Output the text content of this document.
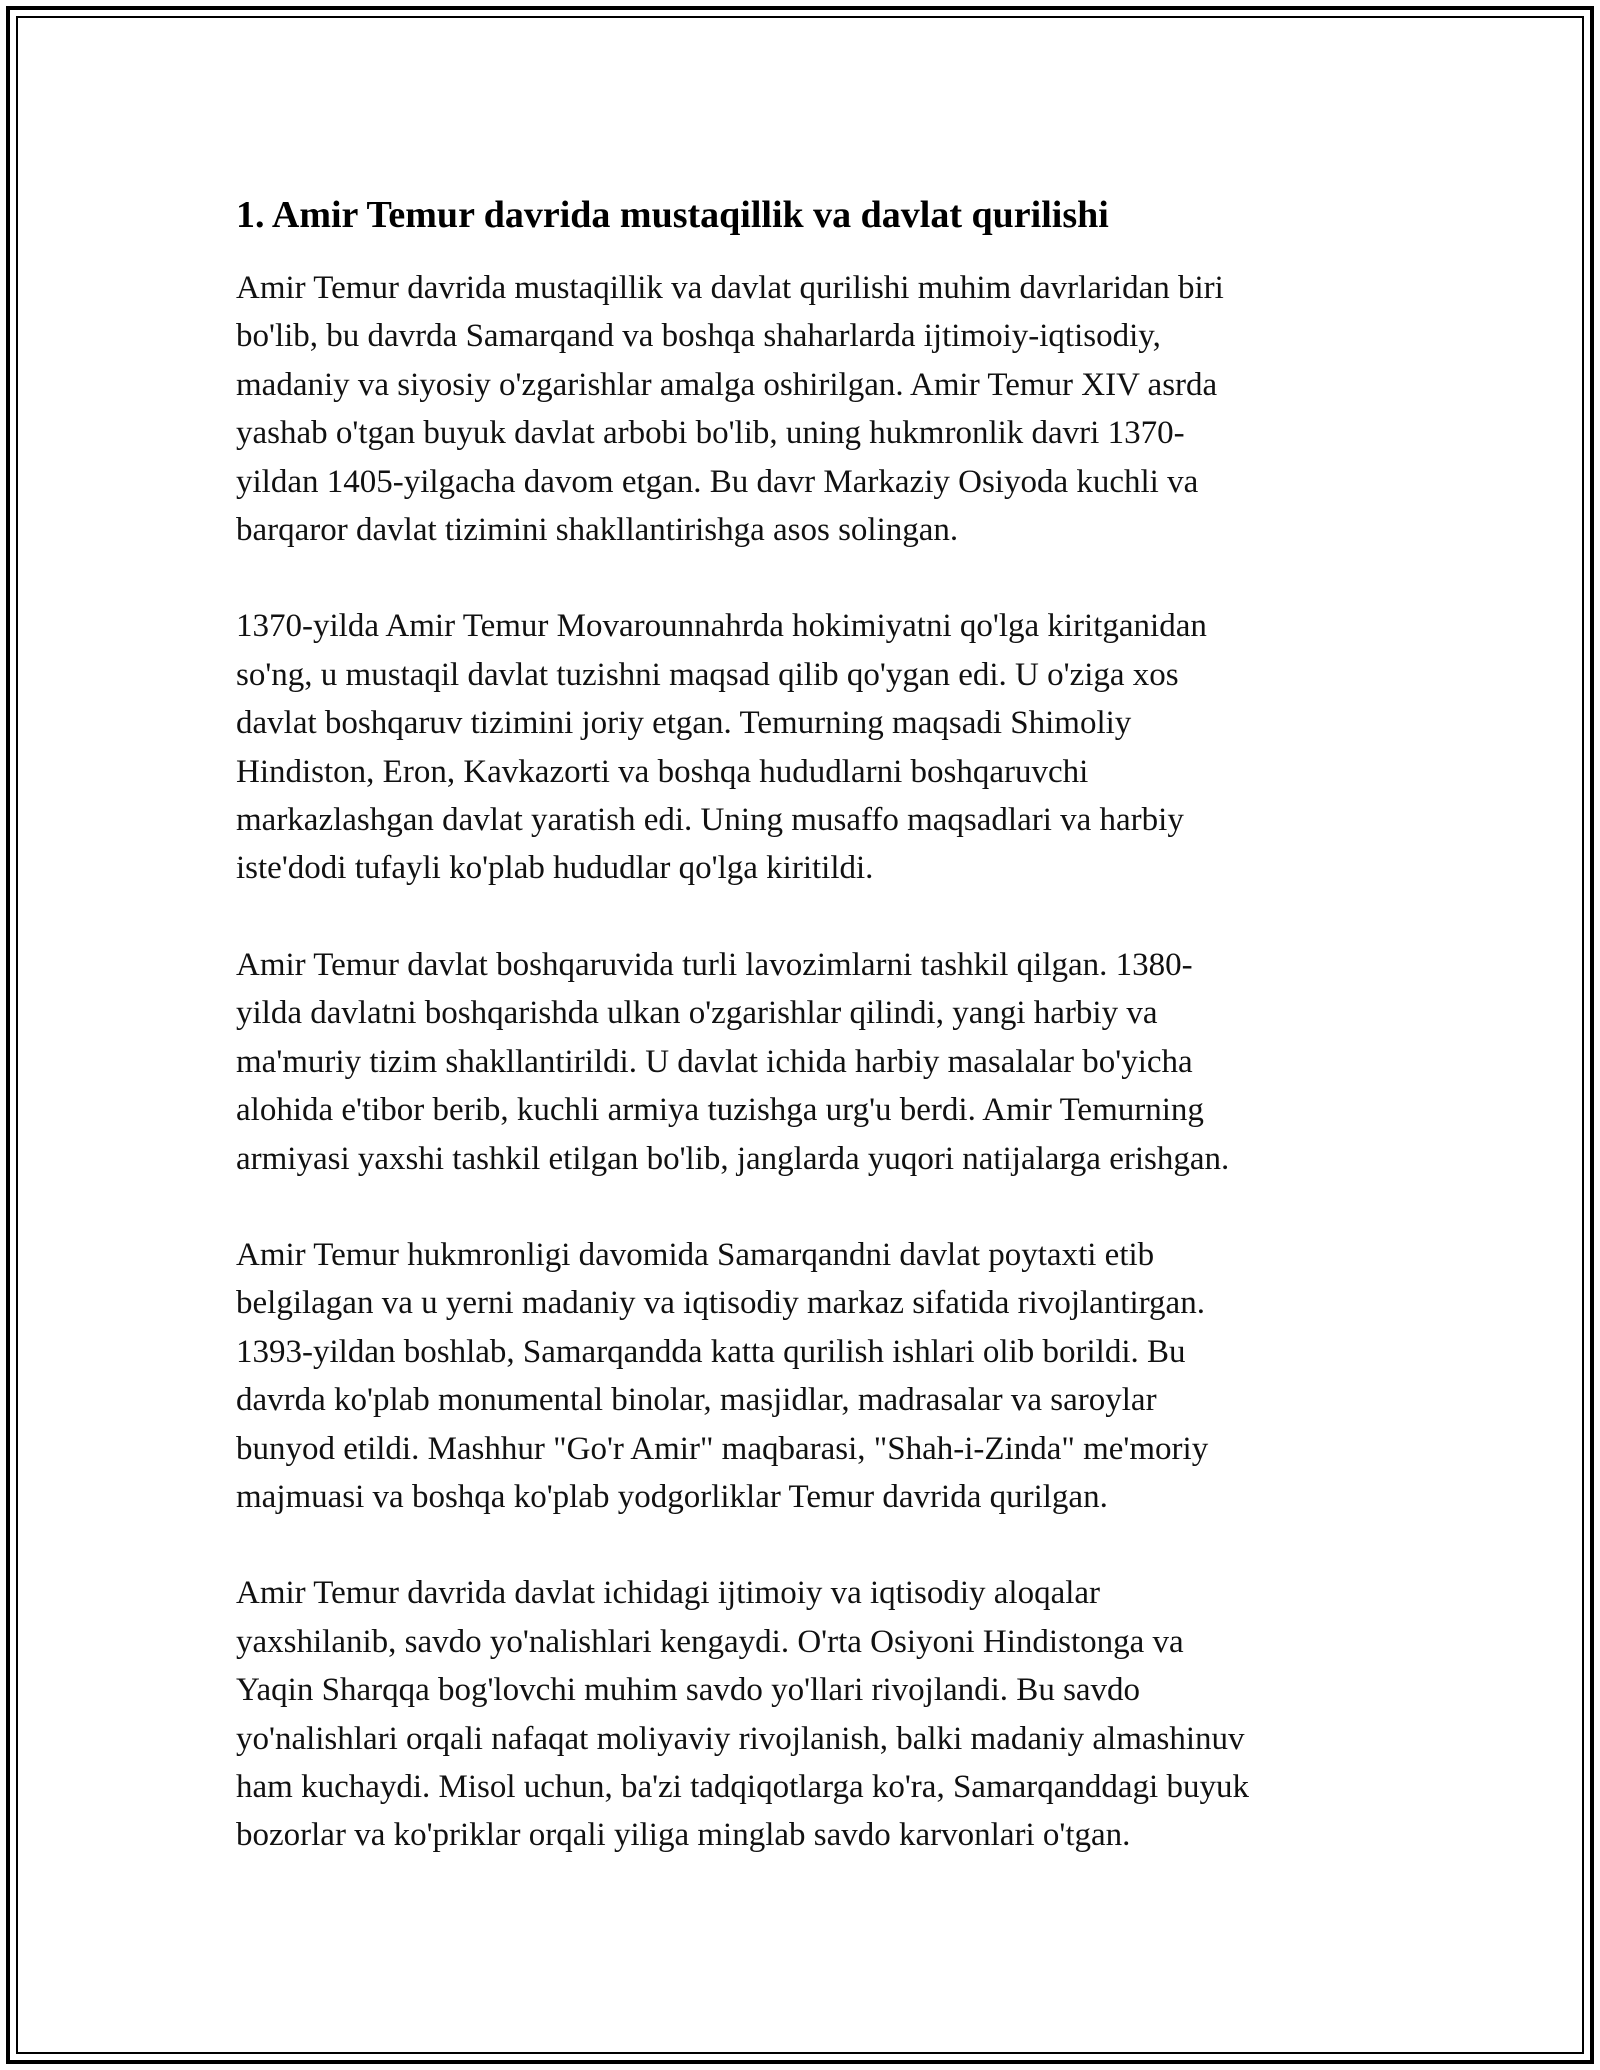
1. Amir Temur davrida mustaqillik va davlat qurilishi

Amir Temur davrida mustaqillik va davlat qurilishi muhim davrlaridan biri
bo'lib, bu davrda Samarqand va boshqa shaharlarda ijtimoiy-iqtisodiy,
madaniy va siyosiy o'zgarishlar amalga oshirilgan. Amir Temur XIV asrda
yashab o'tgan buyuk davlat arbobi bo'lib, uning hukmronlik davri 1370-
yildan 1405-yilgacha davom etgan. Bu davr Markaziy Osiyoda kuchli va
barqaror davlat tizimini shakllantirishga asos solingan.

1370-yilda Amir Temur Movarounnahrda hokimiyatni qo'lga kiritganidan
so'ng, u mustaqil davlat tuzishni maqsad qilib qo'ygan edi. U o'ziga xos
davlat boshqaruv tizimini joriy etgan. Temurning maqsadi Shimoliy
Hindiston, Eron, Kavkazorti va boshqa hududlarni boshqaruvchi
markazlashgan davlat yaratish edi. Uning musaffo maqsadlari va harbiy
iste'dodi tufayli ko'plab hududlar qo'lga kiritildi.

Amir Temur davlat boshqaruvida turli lavozimlarni tashkil qilgan. 1380-
yilda davlatni boshqarishda ulkan o'zgarishlar qilindi, yangi harbiy va
ma'muriy tizim shakllantirildi. U davlat ichida harbiy masalalar bo'yicha
alohida e'tibor berib, kuchli armiya tuzishga urg'u berdi. Amir Temurning
armiyasi yaxshi tashkil etilgan bo'lib, janglarda yuqori natijalarga erishgan.

Amir Temur hukmronligi davomida Samarqandni davlat poytaxti etib
belgilagan va u yerni madaniy va iqtisodiy markaz sifatida rivojlantirgan.
1393-yildan boshlab, Samarqandda katta qurilish ishlari olib borildi. Bu
davrda ko'plab monumental binolar, masjidlar, madrasalar va saroylar
bunyod etildi. Mashhur "Go'r Amir" maqbarasi, "Shah-i-Zinda" me'moriy
majmuasi va boshqa ko'plab yodgorliklar Temur davrida qurilgan.

Amir Temur davrida davlat ichidagi ijtimoiy va iqtisodiy aloqalar
yaxshilanib, savdo yo'nalishlari kengaydi. O'rta Osiyoni Hindistonga va
Yaqin Sharqqa bog'lovchi muhim savdo yo'llari rivojlandi. Bu savdo
yo'nalishlari orqali nafaqat moliyaviy rivojlanish, balki madaniy almashinuv
ham kuchaydi. Misol uchun, ba'zi tadqiqotlarga ko'ra, Samarqanddagi buyuk
bozorlar va ko'priklar orqali yiliga minglab savdo karvonlari o'tgan.
